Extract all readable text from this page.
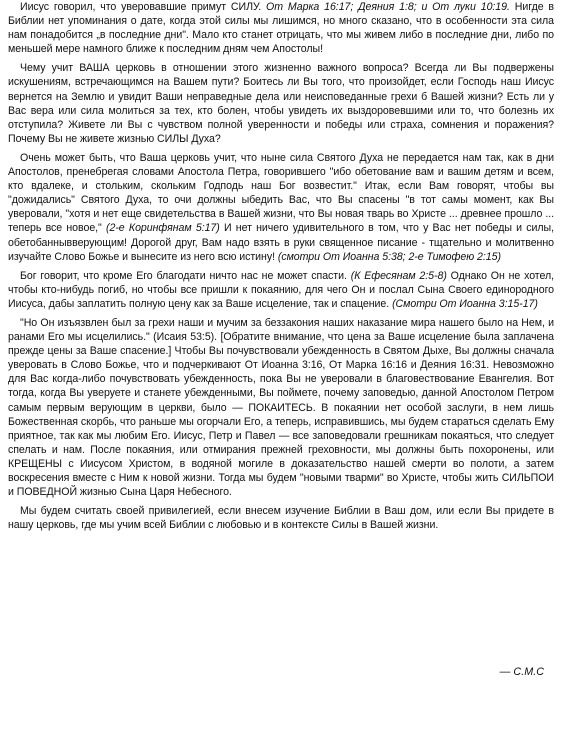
Иисус говорил, что уверовавшие примут СИЛУ. От Марка 16:17; Деяния 1:8; и От луки 10:19. Нигде в Библии нет упоминания о дате, когда этой силы мы лишимся, но много сказано, что в особенности эта сила нам понадобится „в последние дни". Мало кто станет отрицать, что мы живем либо в последние дни, либо по меньшей мере намного ближе к последним дням чем Апостолы!

Чему учит ВАША церковь в отношении этого жизненно важного вопроса? Всегда ли Вы подвержены искушениям, встречающимся на Вашем пути? Боитесь ли Вы того, что произойдет, если Господь наш Иисус вернется на Землю и увидит Ваши неправедные дела или неисповеданные грехи б Вашей жизни? Есть ли у Вас вера или сила молиться за тех, кто болен, чтобы увидеть их выздоровевшими или то, что болезнь их отступила? Живете ли Вы с чувством полной уверенности и победы или страха, сомнения и поражения? Почему Вы не живете жизнью СИЛЫ Духа?

Очень может быть, что Ваша церковь учит, что ныне сила Святого Духа не передается нам так, как в дни Апостолов, пренебрегая словами Апостола Петра, говорившего "ибо обетование вам и вашим детям и всем, кто вдалеке, и стольким, скольким Годподь наш Бог возвестит." Итак, если Вам говорят, чтобы вы "дожидались" Святого Духа, то очи должны ыбедить Вас, что Вы спасены "в тот самы момент, как Вы уверовали, "хотя и нет еще свидетельства в Вашей жизни, что Вы новая тварь во Христе ... древнее прошло ... теперь все новое," (2-е Коринфянам 5:17) И нет ничего удивительного в том, что у Вас нет победы и силы, обетобаннывверующим! Дорогой друг, Вам надо взять в руки священное писание - тщательно и молитвенно изучайте Слово Божье и вынесите из него всю истину! (смотри От Иоанна 5:38; 2-е Тимофею 2:15)

Бог говорит, что кроме Его благодати ничто нас не может спасти. (К Ефесянам 2:5-8) Однако Он не хотел, чтобы кто-нибудь погиб, но чтобы все пришли к покаянию, для чего Он и послал Сына Своего единородного Иисуса, дабы заплатить полную цену как за Ваше исцеление, так и спацение. (Смотри От Иоанна 3:15-17)

"Но Он изъязвлен был за грехи наши и мучим за беззакония наших наказание мира нашего было на Нем, и ранами Его мы исцелились." (Исаия 53:5). [Обратите внимание, что цена за Ваше исцеление была заплачена прежде цены за Ваше спасение.] Чтобы Вы почувствовали убежденность в Святом Дыхе, Вы должны сначала уверовать в Слово Божье, что и подчеркивают От Иоанна 3:16, От Марка 16:16 и Деяния 16:31. Невозможно для Вас когда-либо почувствовать убежденность, пока Вы не уверовали в благовествование Евангелия. Вот тогда, когда Вы уверуете и станете убежденными, Вы поймете, почему заповедью, данной Апостолом Петром самым первым верующим в церкви, было — ПОКАИТЕСЬ. В покаянии нет особой заслуги, в нем лишь Божественная скорбь, что раньше мы огорчали Его, а теперь, исправившись, мы будем стараться сделать Ему приятное, так как мы любим Его. Иисус, Петр и Павел — все заповедовали грешникам покаяться, что следует спелать и нам. После покаяния, или отмирания прежней греховности, мы должны быть похоронены, или КРЕЩЕНЫ с Иисусом Христом, в водяной могиле в доказательство нашей смерти во полоти, а затем воскресения вместе с Ним к новой жизни. Тогда мы будем "новыми тварми" во Христе, чтобы жить СИЛЬПОИ и ПОВЕДНОЙ жизнью Сына Царя Небесного.

Мы будем считать своей привилегией, если внесем изучение Библии в Ваш дом, или если Вы придете в нашу церковь, где мы учим всей Библии с любовью и в контексте Силы в Вашей жизни.

— С.М.С
